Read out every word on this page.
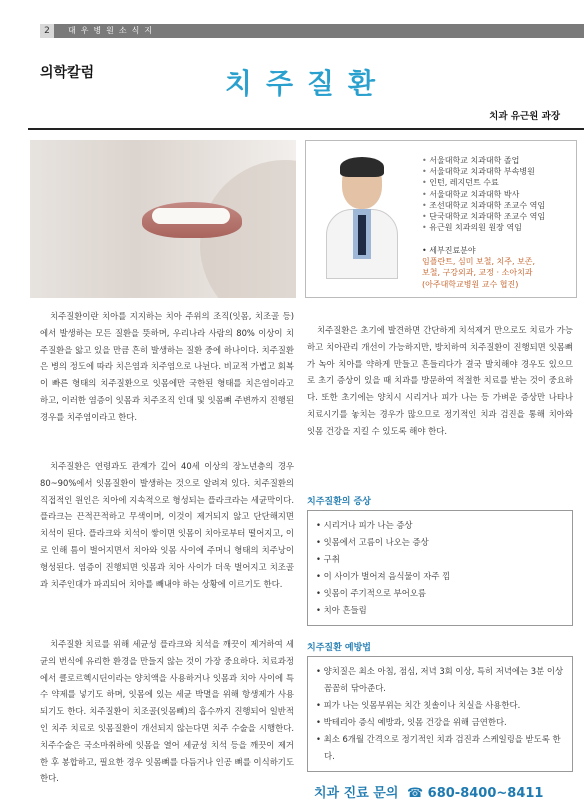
2	대우병원소식지
의학칼럼	치주질환
치과 유근원 과장
• 서울대학교 치과대학 졸업
• 서울대학교 치과대학 부속병원
• 인턴, 레지던트 수료
• 서울대학교 치과대학 박사
• 조선대학교 치과대학 조교수 역임
• 단국대학교 치과대학 조교수 역임
• 유근원 치과의원 원장 역임
• 세부진료분야
임플란트, 심미 보철, 치주, 보존,
보철, 구강외과, 교정 · 소아치과
(아주대학교병원 교수 협진)

치주질환이란 치아를 지지하는 치아 주위의 조직(잇몸, 치조골 등)에서 발생하는 모든 질환을 뜻하며, 우리나라 사람의 80% 이상이 치주질환을 앓고 있을 만큼 흔히 발생하는 질환 중에 하나이다. 치주질환은 병의 정도에 따라 치은염과 치주염으로 나뉜다. 비교적 가볍고 회복이 빠른 형태의 치주질환으로 잇몸에만 국한된 형태를 치은염이라고 하고, 이러한 염증이 잇몸과 치주조직 인대 및 잇몸뼈 주변까지 진행된 경우를 치주염이라고 한다.

치주질환은 연령과도 관계가 깊어 40세 이상의 장노년층의 경우 80~90%에서 잇몸질환이 발생하는 것으로 알려져 있다. 치주질환의 직접적인 원인은 치아에 지속적으로 형성되는 플라크라는 세균막이다. 플라크는 끈적끈적하고 무색이며, 이것이 제거되지 않고 단단해지면 치석이 된다. 플라크와 치석이 쌓이면 잇몸이 치아로부터 떨어지고, 이로 인해 틈이 벌어지면서 치아와 잇몸 사이에 주머니 형태의 치주낭이 형성된다. 염증이 진행되면 잇몸과 치아 사이가 더욱 벌어지고 치조골과 치주인대가 파괴되어 치아를 빼내야 하는 상황에 이르기도 한다.

치주질환 치료를 위해 세균성 플라크와 치석을 깨끗이 제거하여 세균의 번식에 유리한 환경을 만들지 않는 것이 가장 중요하다. 치료과정에서 클로르헥시딘이라는 양치액을 사용하거나 잇몸과 치아 사이에 특수 약제를 넣기도 하며, 잇몸에 있는 세균 박멸을 위해 항생제가 사용되기도 한다. 치주질환이 치조골(잇몸뼈)의 흡수까지 진행되어 일반적인 치주 치료로 잇몸질환이 개선되지 않는다면 치주 수술을 시행한다. 치주수술은 국소마취하에 잇몸을 열어 세균성 치석 등을 깨끗이 제거 한 후 봉합하고, 필요한 경우 잇몸뼈를 다듬거나 인공 뼈를 이식하기도 한다.

치주질환은 초기에 발견하면 간단하게 치석제거 만으로도 치료가 가능하고 치아관리 개선이 가능하지만, 방치하여 치주질환이 진행되면 잇몸뼈가 녹아 치아를 약하게 만들고 흔들리다가 결국 발치해야 경우도 있으므로 초기 증상이 있을 때 치과를 방문하여 적절한 치료를 받는 것이 중요하다. 또한 초기에는 양치시 시리거나 피가 나는 등 가벼운 증상만 나타나 치료시기를 놓치는 경우가 많으므로 정기적인 치과 검진을 통해 치아와 잇몸 건강을 지킬 수 있도록 해야 한다.

치주질환의 증상
• 시리거나 피가 나는 증상
• 잇몸에서 고름이 나오는 증상
• 구취
• 이 사이가 벌어져 음식물이 자주 낌
• 잇몸이 주기적으로 부어오름
• 치아 흔들림
치주질환 예방법
• 양치질은 최소 아침, 점심, 저녁 3회 이상, 특히 저녁에는 3분 이상 꼼꼼히 닦아준다.
• 피가 나는 잇몸부위는 치간 칫솔이나 치실을 사용한다.
• 박테리아 증식 예방과, 잇몸 건강을 위해 금연한다.
• 최소 6개월 간격으로 정기적인 치과 검진과 스케일링을 받도록 한다.
치과 진료 문의 ☎ 680-8400~8411
